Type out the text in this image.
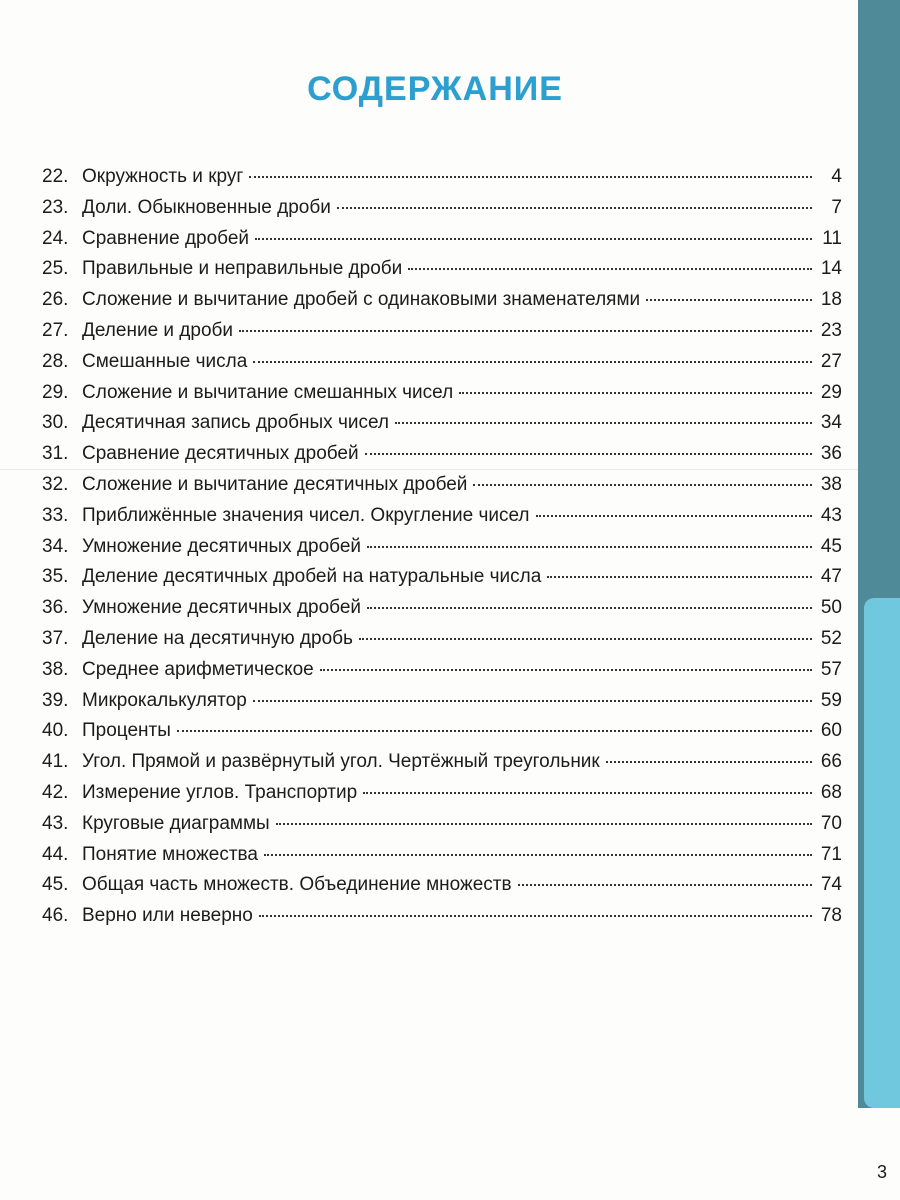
СОДЕРЖАНИЕ
22. Окружность и круг	4
23. Доли. Обыкновенные дроби	7
24. Сравнение дробей	11
25. Правильные и неправильные дроби	14
26. Сложение и вычитание дробей с одинаковыми знаменателями	18
27. Деление и дроби	23
28. Смешанные числа	27
29. Сложение и вычитание смешанных чисел	29
30. Десятичная запись дробных чисел	34
31. Сравнение десятичных дробей	36
32. Сложение и вычитание десятичных дробей	38
33. Приближённые значения чисел. Округление чисел	43
34. Умножение десятичных дробей	45
35. Деление десятичных дробей на натуральные числа	47
36. Умножение десятичных дробей	50
37. Деление на десятичную дробь	52
38. Среднее арифметическое	57
39. Микрокалькулятор	59
40. Проценты	60
41. Угол. Прямой и развёрнутый угол. Чертёжный треугольник	66
42. Измерение углов. Транспортир	68
43. Круговые диаграммы	70
44. Понятие множества	71
45. Общая часть множеств. Объединение множеств	74
46. Верно или неверно	78
3
